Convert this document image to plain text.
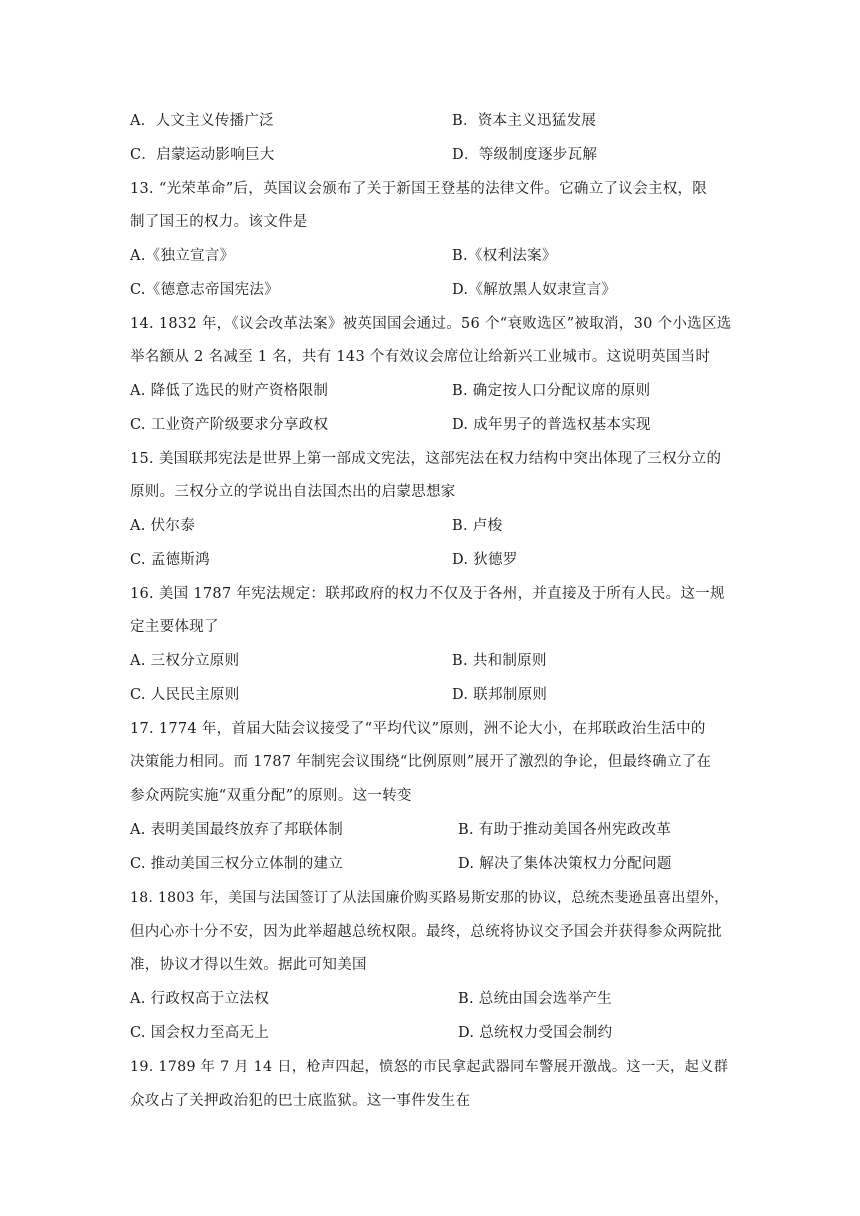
A．人文主义传播广泛	B．资本主义迅猛发展
C．启蒙运动影响巨大	D．等级制度逐步瓦解
13. “光荣革命”后，英国议会颁布了关于新国王登基的法律文件。它确立了议会主权，限
制了国王的权力。该文件是
A.《独立宣言》	B.《权利法案》
C.《德意志帝国宪法》	D.《解放黑人奴隶宣言》
14. 1832 年，《议会改革法案》被英国国会通过。56 个“衰败选区”被取消，30 个小选区选
举名额从 2 名减至 1 名，共有 143 个有效议会席位让给新兴工业城市。这说明英国当时
A. 降低了选民的财产资格限制	B. 确定按人口分配议席的原则
C. 工业资产阶级要求分享政权	D. 成年男子的普选权基本实现
15. 美国联邦宪法是世界上第一部成文宪法，这部宪法在权力结构中突出体现了三权分立的
原则。三权分立的学说出自法国杰出的启蒙思想家
A. 伏尔泰	B. 卢梭
C. 孟德斯鸿	D. 狄德罗
16. 美国 1787 年宪法规定：联邦政府的权力不仅及于各州，并直接及于所有人民。这一规
定主要体现了
A. 三权分立原则	B. 共和制原则
C. 人民民主原则	D. 联邦制原则
17. 1774 年，首届大陆会议接受了“平均代议”原则，洲不论大小，在邦联政治生活中的
决策能力相同。而 1787 年制宪会议围绕“比例原则”展开了激烈的争论，但最终确立了在
参众两院实施“双重分配”的原则。这一转变
A. 表明美国最终放弃了邦联体制	B. 有助于推动美国各州宪政改革
C. 推动美国三权分立体制的建立	D. 解决了集体决策权力分配问题
18. 1803 年，美国与法国签订了从法国廉价购买路易斯安那的协议，总统杰斐逊虽喜出望外，
但内心亦十分不安，因为此举超越总统权限。最终，总统将协议交予国会并获得参众两院批
准，协议才得以生效。据此可知美国
A. 行政权高于立法权	B. 总统由国会选举产生
C. 国会权力至高无上	D. 总统权力受国会制约
19. 1789 年 7 月 14 日，枪声四起，愤怒的市民拿起武器同车警展开激战。这一天，起义群
众攻占了关押政治犯的巴士底监狱。这一事件发生在
